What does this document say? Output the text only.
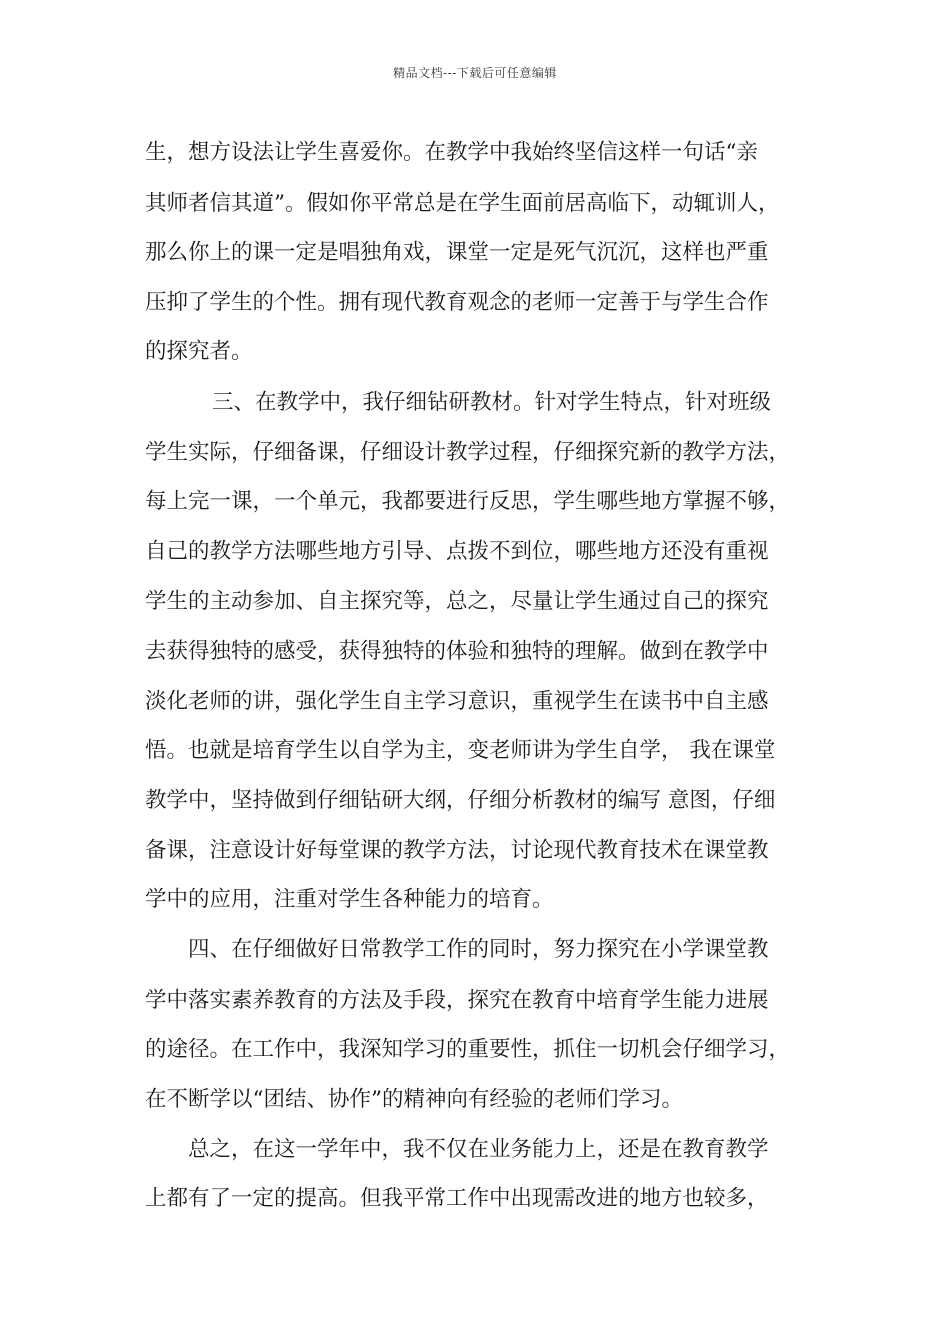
精品文档---下载后可任意编辑
生，想方设法让学生喜爱你。在教学中我始终坚信这样一句话“亲
其师者信其道”。假如你平常总是在学生面前居高临下，动辄训人，
那么你上的课一定是唱独角戏，课堂一定是死气沉沉，这样也严重
压抑了学生的个性。拥有现代教育观念的老师一定善于与学生合作
的探究者。
三、在教学中，我仔细钻研教材。针对学生特点，针对班级
学生实际，仔细备课，仔细设计教学过程，仔细探究新的教学方法，
每上完一课，一个单元，我都要进行反思，学生哪些地方掌握不够，
自己的教学方法哪些地方引导、点拨不到位，哪些地方还没有重视
学生的主动参加、自主探究等，总之，尽量让学生通过自己的探究
去获得独特的感受，获得独特的体验和独特的理解。做到在教学中
淡化老师的讲，强化学生自主学习意识，重视学生在读书中自主感
悟。也就是培育学生以自学为主，变老师讲为学生自学， 我在课堂
教学中，坚持做到仔细钻研大纲，仔细分析教材的编写 意图，仔细
备课，注意设计好每堂课的教学方法，讨论现代教育技术在课堂教
学中的应用，注重对学生各种能力的培育。
四、在仔细做好日常教学工作的同时，努力探究在小学课堂教
学中落实素养教育的方法及手段，探究在教育中培育学生能力进展
的途径。在工作中，我深知学习的重要性，抓住一切机会仔细学习，
在不断学以“团结、协作”的精神向有经验的老师们学习。
总之，在这一学年中，我不仅在业务能力上，还是在教育教学
上都有了一定的提高。但我平常工作中出现需改进的地方也较多，
